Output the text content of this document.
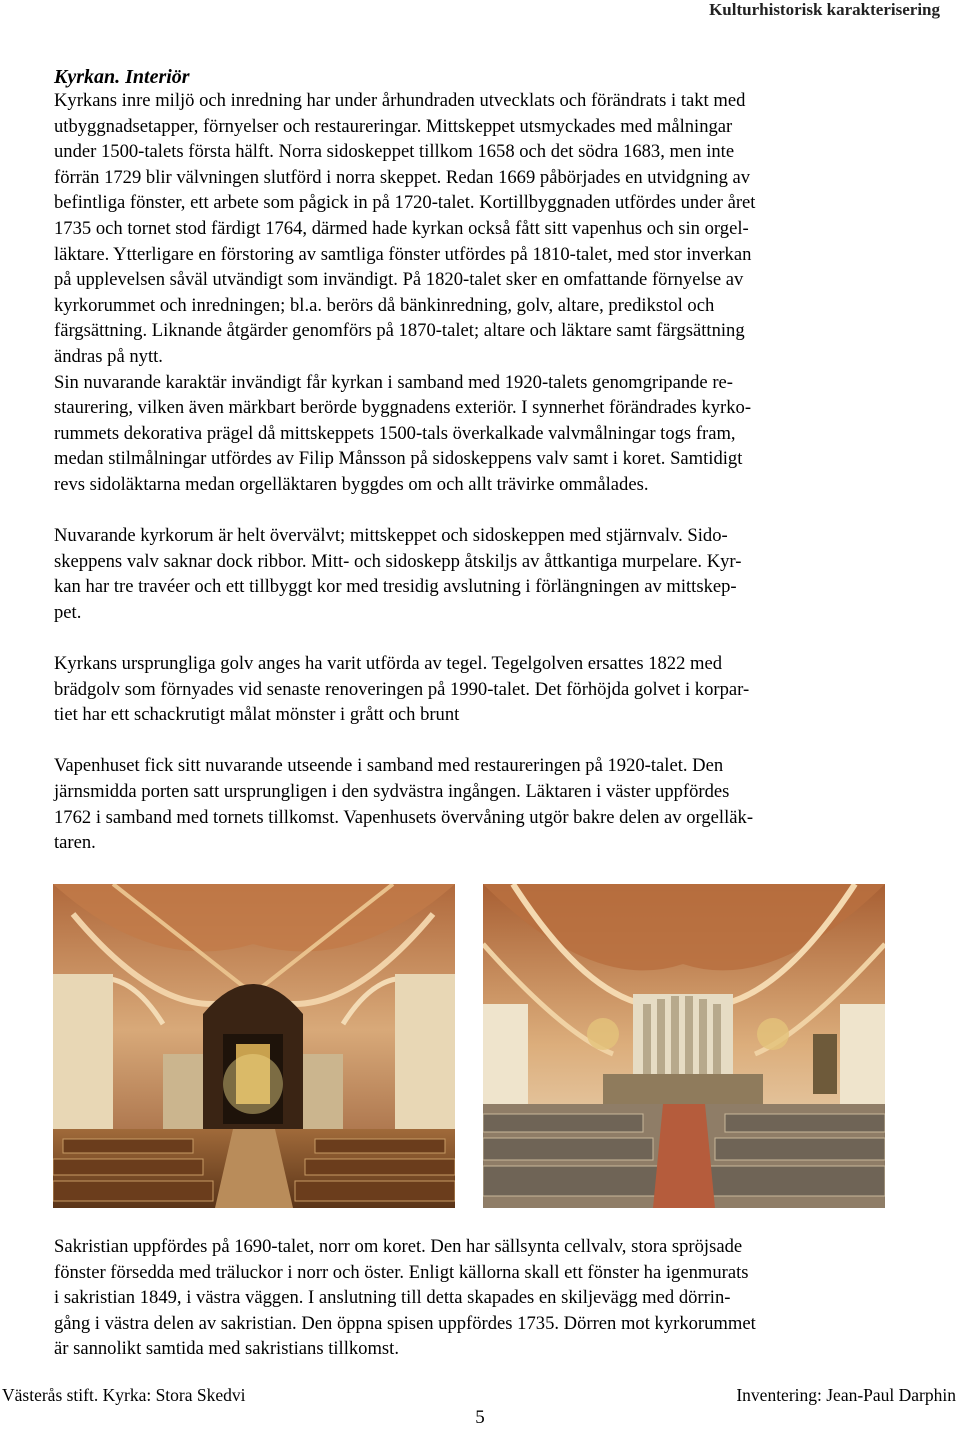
Kulturhistorisk karakterisering

Kyrkan. Interiör

Kyrkans inre miljö och inredning har under århundraden utvecklats och förändrats i takt med
utbyggnadsetapper, förnyelser och restaureringar. Mittskeppet utsmyckades med målningar
under 1500-talets första hälft. Norra sidoskeppet tillkom 1658 och det södra 1683, men inte
förrän 1729 blir välvningen slutförd i norra skeppet. Redan 1669 påbörjades en utvidgning av
befintliga fönster, ett arbete som pågick in på 1720-talet. Kortillbyggnaden utfördes under året
1735 och tornet stod färdigt 1764, därmed hade kyrkan också fått sitt vapenhus och sin orgel-
läktare. Ytterligare en förstoring av samtliga fönster utfördes på 1810-talet, med stor inverkan
på upplevelsen såväl utvändigt som invändigt. På 1820-talet sker en omfattande förnyelse av
kyrkorummet och inredningen; bl.a. berörs då bänkinredning, golv, altare, predikstol och
färgsättning. Liknande åtgärder genomförs på 1870-talet; altare och läktare samt färgsättning
ändras på nytt.

Sin nuvarande karaktär invändigt får kyrkan i samband med 1920-talets genomgripande re-
staurering, vilken även märkbart berörde byggnadens exteriör. I synnerhet förändrades kyrko-
rummets dekorativa prägel då mittskeppets 1500-tals överkalkade valvmålningar togs fram,
medan stilmålningar utfördes av Filip Månsson på sidoskeppens valv samt i koret. Samtidigt
revs sidoläktarna medan orgelläktaren byggdes om och allt trävirke ommålades.

Nuvarande kyrkorum är helt övervälvt; mittskeppet och sidoskeppen med stjärnvalv. Sido-
skeppens valv saknar dock ribbor. Mitt- och sidoskepp åtskiljs av åttkantiga murpelare. Kyr-
kan har tre travéer och ett tillbyggt kor med tresidig avslutning i förlängningen av mittskep-
pet.

Kyrkans ursprungliga golv anges ha varit utförda av tegel. Tegelgolven ersattes 1822 med
brädgolv som förnyades vid senaste renoveringen på 1990-talet. Det förhöjda golvet i korpar-
tiet har ett schackrutigt målat mönster i grått och brunt

Vapenhuset fick sitt nuvarande utseende i samband med restaureringen på 1920-talet. Den
järnsmidda porten satt ursprungligen i den sydvästra ingången. Läktaren i väster uppfördes
1762 i samband med tornets tillkomst. Vapenhusets övervåning utgör bakre delen av orgelläk-
taren.

Sakristian uppfördes på 1690-talet, norr om koret. Den har sällsynta cellvalv, stora spröjsade
fönster försedda med träluckor i norr och öster. Enligt källorna skall ett fönster ha igenmurats
i sakristian 1849, i västra väggen. I anslutning till detta skapades en skiljevägg med dörrin-
gång i västra delen av sakristian. Den öppna spisen uppfördes 1735. Dörren mot kyrkorummet
är sannolikt samtida med sakristians tillkomst.

Västerås stift. Kyrka: Stora Skedvi	Inventering: Jean-Paul Darphin
5
